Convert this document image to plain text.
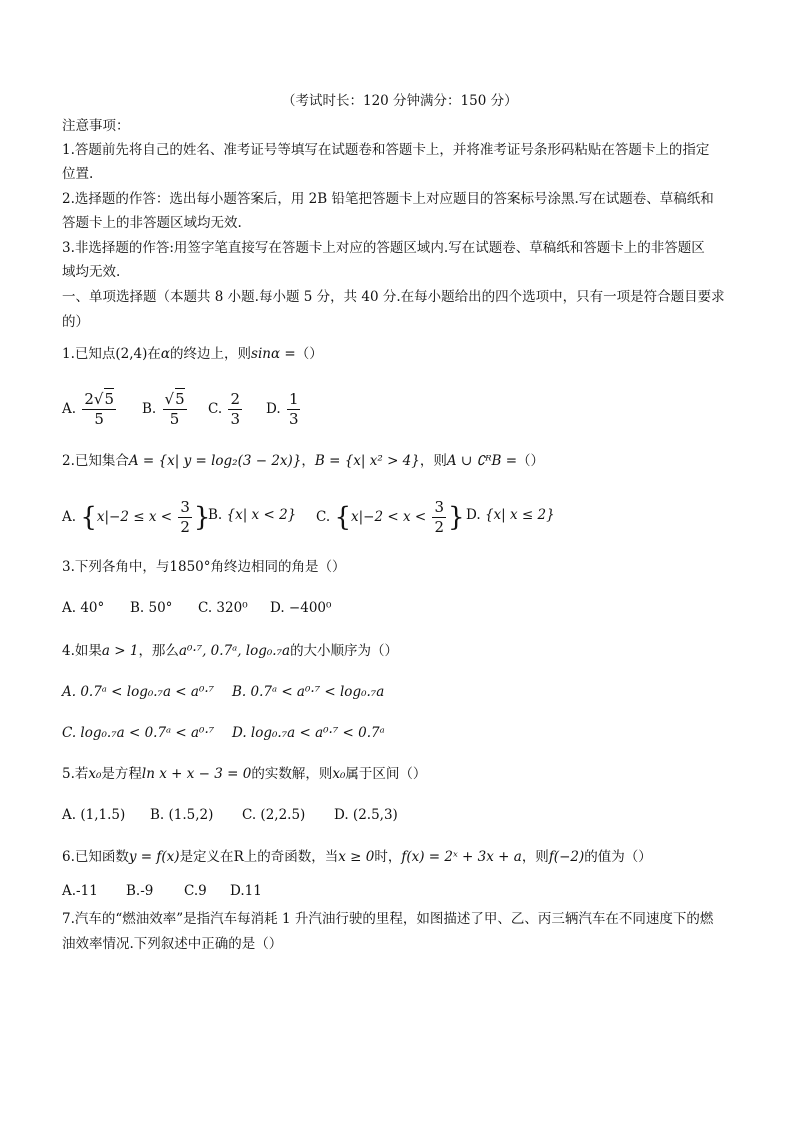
（考试时长：120 分钟满分：150 分）
注意事项：
1.答题前先将自己的姓名、准考证号等填写在试题卷和答题卡上，并将准考证号条形码粘贴在答题卡上的指定
位置.
2.选择题的作答：选出每小题答案后，用 2B 铅笔把答题卡上对应题目的答案标号涂黑.写在试题卷、草稿纸和
答题卡上的非答题区域均无效.
3.非选择题的作答:用签字笔直接写在答题卡上对应的答题区域内.写在试题卷、草稿纸和答题卡上的非答题区
域均无效.
一、单项选择题（本题共 8 小题.每小题 5 分，共 40 分.在每小题给出的四个选项中，只有一项是符合题目要求
的）
1.已知点(2,4)在α的终边上，则sinα =（）
A. $\frac{2√5}{5} B$. $\frac{√5}{5} C$. $\frac{2}{3} D$. $\frac{1}{3}$
2.已知集合A = {x| y = log₂(3 − 2x)}，B = {x| x² > 4}，则A ∪ ∁ᴿB =（）
A. {$x|-2 \le x < \frac{3}{2}$ }
B. {x| x < 2} C. {$x|-2 < x < \frac{3}{2}$ } D. {x| x ≤ 2}
3.下列各角中，与1850°角终边相同的角是（）
A. 40° B. 50° C. 320⁰ D. −400⁰
4.如果a > 1，那么a⁰·⁷, 0.7ᵃ, log₀.₇a的大小顺序为（）
A. 0.7ᵃ < log₀.₇a < a⁰·⁷ B. 0.7ᵃ < a⁰·⁷ < log₀.₇a
C. log₀.₇a < 0.7ᵃ < a⁰·⁷ D. log₀.₇a < a⁰·⁷ < 0.7ᵃ
5.若x₀是方程ln x + x − 3 = 0的实数解，则x₀属于区间（）
A. (1,1.5) B. (1.5,2) C. (2,2.5) D. (2.5,3)
6.已知函数y = f(x)是定义在R上的奇函数，当x ≥ 0时，f(x) = 2ˣ + 3x + a，则f(−2)的值为（）
A.-11 B.-9 C.9 D.11
7.汽车的“燃油效率”是指汽车每消耗 1 升汽油行驶的里程，如图描述了甲、乙、丙三辆汽车在不同速度下的燃
油效率情况.下列叙述中正确的是（）
